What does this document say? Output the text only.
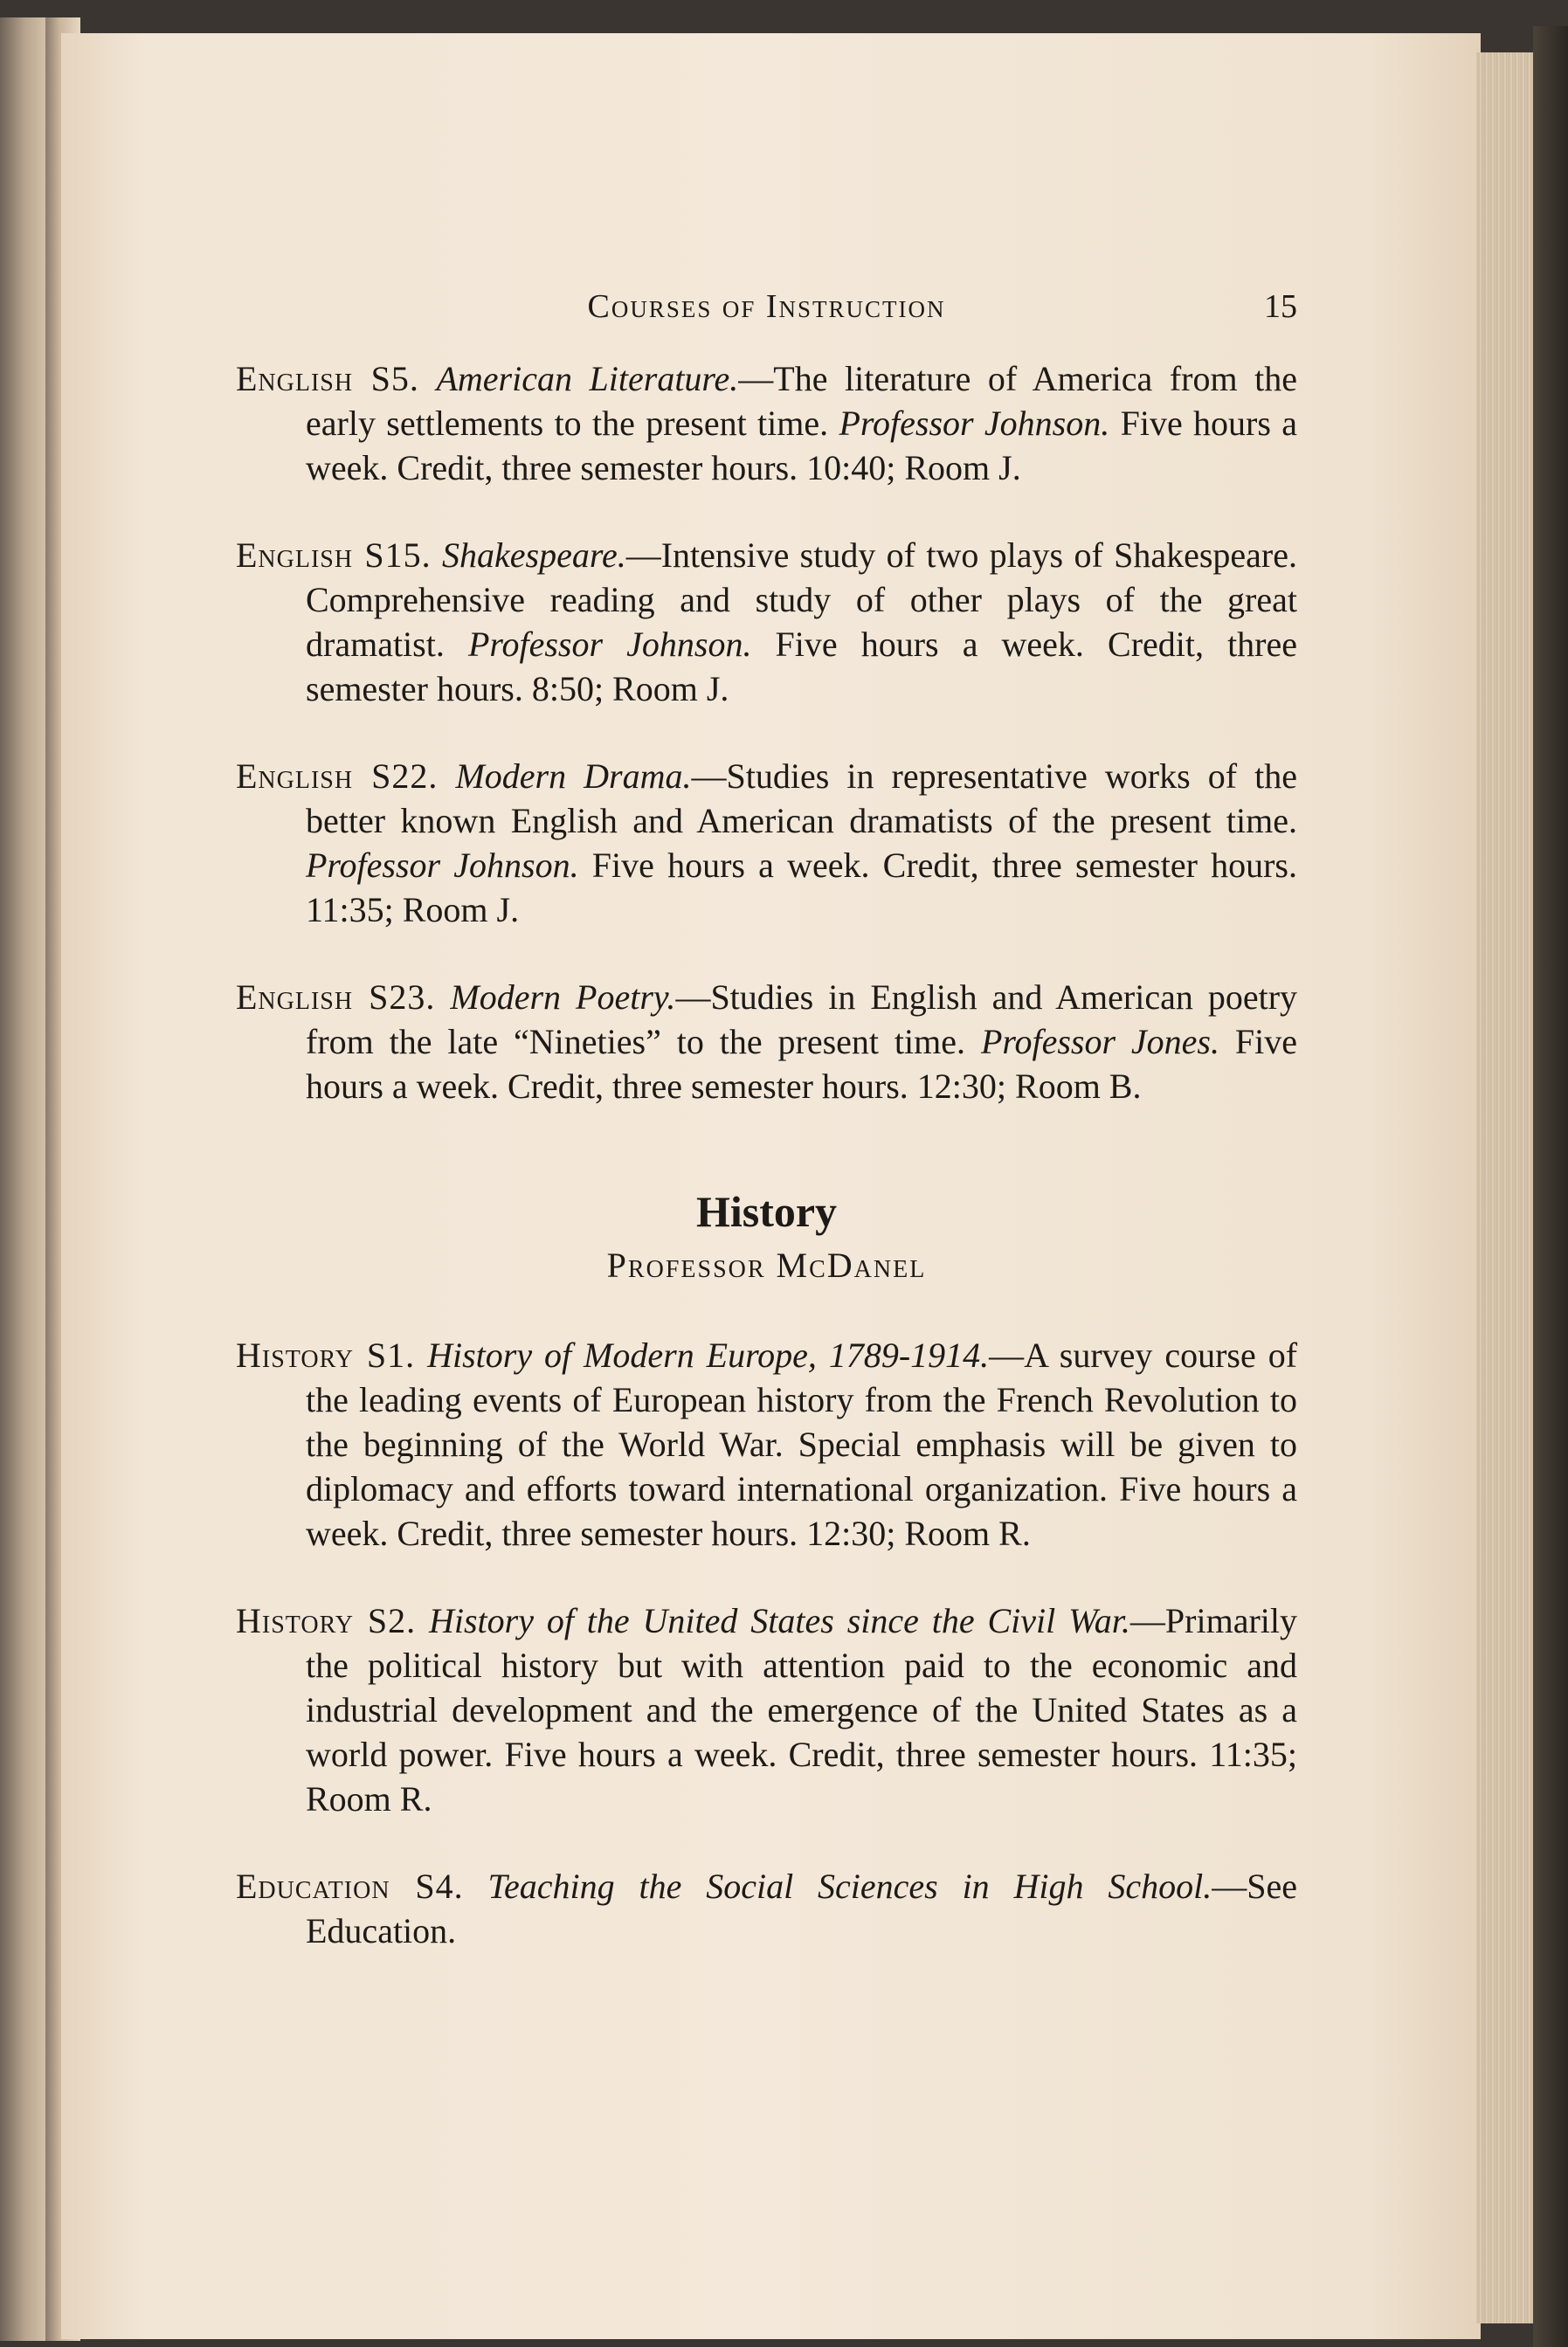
Courses of Instruction	15

English S5. American Literature.—The literature of America from the early settlements to the present time. Professor Johnson. Five hours a week. Credit, three semester hours. 10:40; Room J.

English S15. Shakespeare.—Intensive study of two plays of Shakespeare. Comprehensive reading and study of other plays of the great dramatist. Professor Johnson. Five hours a week. Credit, three semester hours. 8:50; Room J.

English S22. Modern Drama.—Studies in representative works of the better known English and American dramatists of the present time. Professor Johnson. Five hours a week. Credit, three semester hours. 11:35; Room J.

English S23. Modern Poetry.—Studies in English and American poetry from the late “Nineties” to the present time. Professor Jones. Five hours a week. Credit, three semester hours. 12:30; Room B.

History
Professor McDanel

History S1. History of Modern Europe, 1789-1914.—A survey course of the leading events of European history from the French Revolution to the beginning of the World War. Special emphasis will be given to diplomacy and efforts toward international organization. Five hours a week. Credit, three semester hours. 12:30; Room R.

History S2. History of the United States since the Civil War.—Primarily the political history but with attention paid to the economic and industrial development and the emergence of the United States as a world power. Five hours a week. Credit, three semester hours. 11:35; Room R.

Education S4. Teaching the Social Sciences in High School.—See Education.
